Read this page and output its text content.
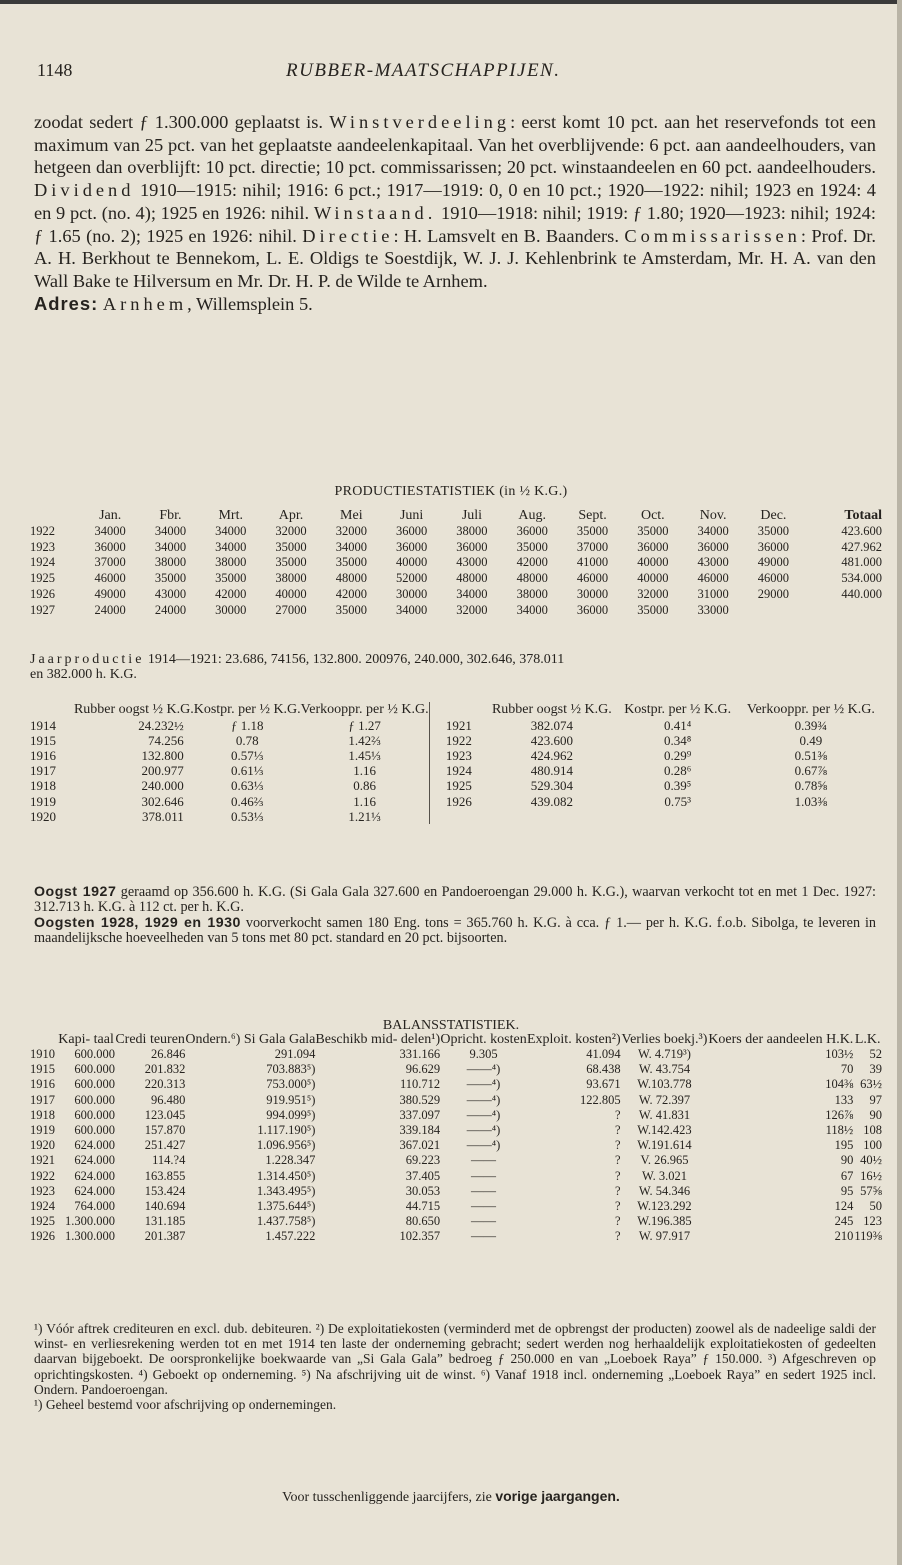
1148	RUBBER-MAATSCHAPPIJEN.

zoodat sedert ƒ 1.300.000 geplaatst is. Winstverdeeling: eerst komt 10 pct. aan het reservefonds tot een maximum van 25 pct. van het geplaatste aandeelenkapitaal. Van het overblijvende: 6 pct. aan aandeelhouders, van hetgeen dan overblijft: 10 pct. directie; 10 pct. commissarissen; 20 pct. winstaandeelen en 60 pct. aandeelhouders. Dividend 1910—1915: nihil; 1916: 6 pct.; 1917—1919: 0, 0 en 10 pct.; 1920—1922: nihil; 1923 en 1924: 4 en 9 pct. (no. 4); 1925 en 1926: nihil. Winstaand. 1910—1918: nihil; 1919: ƒ 1.80; 1920—1923: nihil; 1924: ƒ 1.65 (no. 2); 1925 en 1926: nihil. Directie: H. Lamsvelt en B. Baanders. Commissarissen: Prof. Dr. A. H. Berkhout te Bennekom, L. E. Oldigs te Soestdijk, W. J. J. Kehlenbrink te Amsterdam, Mr. H. A. van den Wall Bake te Hilversum en Mr. Dr. H. P. de Wilde te Arnhem.

Adres: Arnhem, Willemsplein 5.

PRODUCTIESTATISTIEK (in ½ K.G.)
	Jan.	Fbr.	Mrt.	Apr.	Mei	Juni	Juli	Aug.	Sept.	Oct.	Nov.	Dec.	Totaal
1922	34000	34000	34000	32000	32000	36000	38000	36000	35000	35000	34000	35000	423.600
1923	36000	34000	34000	35000	34000	36000	36000	35000	37000	36000	36000	36000	427.962
1924	37000	38000	38000	35000	35000	40000	43000	42000	41000	40000	43000	49000	481.000
1925	46000	35000	35000	38000	48000	52000	48000	48000	46000	40000	46000	46000	534.000
1926	49000	43000	42000	40000	42000	30000	34000	38000	30000	32000	31000	29000	440.000
1927	24000	24000	30000	27000	35000	34000	32000	34000	36000	35000	33000		
Jaarproductie 1914—1921: 23.686, 74156, 132.800. 200976, 240.000, 302.646, 378.011
en 382.000 h. K.G.
	Rubber oogst ½ K.G.	Kostpr. per ½ K.G.	Verkooppr. per ½ K.G.		Rubber oogst ½ K.G.	Kostpr. per ½ K.G.	Verkooppr. per ½ K.G.
1914	24.232½	ƒ 1.18	ƒ 1.27	1921	382.074	0.41⁴	0.39¾
1915	74.256	0.78	1.42⅔	1922	423.600	0.34⁸	0.49
1916	132.800	0.57⅓	1.45⅓	1923	424.962	0.29⁹	0.51⅜
1917	200.977	0.61⅓	1.16	1924	480.914	0.28⁶	0.67⅞
1918	240.000	0.63⅓	0.86	1925	529.304	0.39⁵	0.78⅝
1919	302.646	0.46⅔	1.16	1926	439.082	0.75³	1.03⅜
1920	378.011	0.53⅓	1.21⅓				

Oogst 1927 geraamd op 356.600 h. K.G. (Si Gala Gala 327.600 en Pandoeroengan 29.000 h. K.G.), waarvan verkocht tot en met 1 Dec. 1927: 312.713 h. K.G. à 112 ct. per h. K.G.

Oogsten 1928, 1929 en 1930 voorverkocht samen 180 Eng. tons = 365.760 h. K.G. à cca. ƒ 1.— per h. K.G. f.o.b. Sibolga, te leveren in maandelijksche hoeveelheden van 5 tons met 80 pct. standard en 20 pct. bijsoorten.

BALANSSTATISTIEK.
	Kapi- taal	Credi teuren	Ondern.⁶) Si Gala Gala	Beschikb mid- delen¹)	Opricht. kosten	Exploit. kosten²)	Verlies boekj.³)	Koers der aandeelen H.K.	L.K.
1910	600.000	26.846	291.094	331.166	9.305	41.094	W. 4.719³)	103½	52
1915	600.000	201.832	703.883⁵)	96.629	——⁴)	68.438	W. 43.754	70	39
1916	600.000	220.313	753.000⁵)	110.712	——⁴)	93.671	W.103.778	104⅜	63½
1917	600.000	96.480	919.951⁵)	380.529	——⁴)	122.805	W. 72.397	133	97
1918	600.000	123.045	994.099⁵)	337.097	——⁴)	?	W. 41.831	126⅞	90
1919	600.000	157.870	1.117.190⁵)	339.184	——⁴)	?	W.142.423	118½	108
1920	624.000	251.427	1.096.956⁵)	367.021	——⁴)	?	W.191.614	195	100
1921	624.000	114.?4	1.228.347	69.223	——	?	V. 26.965	90	40½
1922	624.000	163.855	1.314.450⁵)	37.405	——	?	W. 3.021	67	16½
1923	624.000	153.424	1.343.495⁵)	30.053	——	?	W. 54.346	95	57⅝
1924	764.000	140.694	1.375.644⁵)	44.715	——	?	W.123.292	124	50
1925	1.300.000	131.185	1.437.758⁵)	80.650	——	?	W.196.385	245	123
1926	1.300.000	201.387	1.457.222	102.357	——	?	W. 97.917	210	119⅜

¹) Vóór aftrek crediteuren en excl. dub. debiteuren. ²) De exploitatiekosten (verminderd met de opbrengst der producten) zoowel als de nadeelige saldi der winst- en verliesrekening werden tot en met 1914 ten laste der onderneming gebracht; sedert werden nog herhaaldelijk exploitatiekosten of gedeelten daarvan bijgeboekt. De oorspronkelijke boekwaarde van „Si Gala Gala” bedroeg ƒ 250.000 en van „Loeboek Raya” ƒ 150.000. ³) Afgeschreven op oprichtingskosten. ⁴) Geboekt op onderneming. ⁵) Na afschrijving uit de winst. ⁶) Vanaf 1918 incl. onderneming „Loeboek Raya” en sedert 1925 incl. Ondern. Pandoeroengan.

¹) Geheel bestemd voor afschrijving op ondernemingen.

Voor tusschenliggende jaarcijfers, zie vorige jaargangen.
